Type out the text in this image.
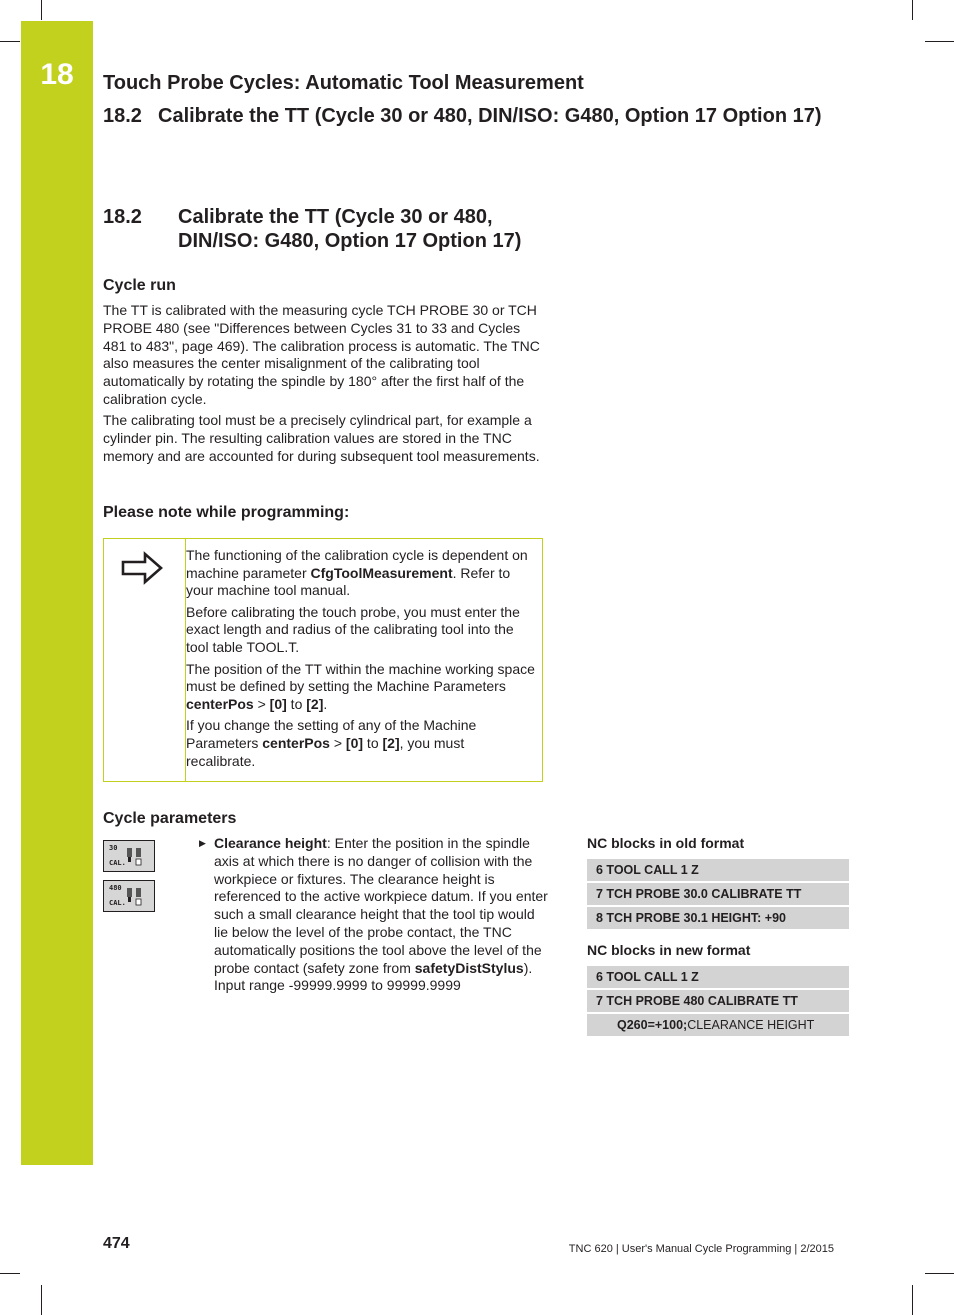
18	Touch Probe Cycles: Automatic Tool Measurement
18.2 Calibrate the TT (Cycle 30 or 480, DIN/ISO: G480, Option 17 Option 17)
18.2	Calibrate the TT (Cycle 30 or 480, DIN/ISO: G480, Option 17 Option 17)
Cycle run

The TT is calibrated with the measuring cycle TCH PROBE 30 or TCH PROBE 480 (see "Differences between Cycles 31 to 33 and Cycles 481 to 483", page 469). The calibration process is automatic. The TNC also measures the center misalignment of the calibrating tool automatically by rotating the spindle by 180° after the first half of the calibration cycle.

The calibrating tool must be a precisely cylindrical part, for example a cylinder pin. The resulting calibration values are stored in the TNC memory and are accounted for during subsequent tool measurements.

Please note while programming:

The functioning of the calibration cycle is dependent on machine parameter CfgToolMeasurement. Refer to your machine tool manual.

Before calibrating the touch probe, you must enter the exact length and radius of the calibrating tool into the tool table TOOL.T.

The position of the TT within the machine working space must be defined by setting the Machine Parameters centerPos > [0] to [2].

If you change the setting of any of the Machine Parameters centerPos > [0] to [2], you must recalibrate.

Cycle parameters
30
CAL.
480
CAL.
▶ Clearance height: Enter the position in the spindle axis at which there is no danger of collision with the workpiece or fixtures. The clearance height is referenced to the active workpiece datum. If you enter such a small clearance height that the tool tip would lie below the level of the probe contact, the TNC automatically positions the tool above the level of the probe contact (safety zone from safetyDistStylus). Input range -99999.9999 to 99999.9999
NC blocks in old format
6 TOOL CALL 1 Z
7 TCH PROBE 30.0 CALIBRATE TT
8 TCH PROBE 30.1 HEIGHT: +90
NC blocks in new format
6 TOOL CALL 1 Z
7 TCH PROBE 480 CALIBRATE TT
Q260=+100;CLEARANCE HEIGHT
474	TNC 620 | User's Manual Cycle Programming | 2/2015
